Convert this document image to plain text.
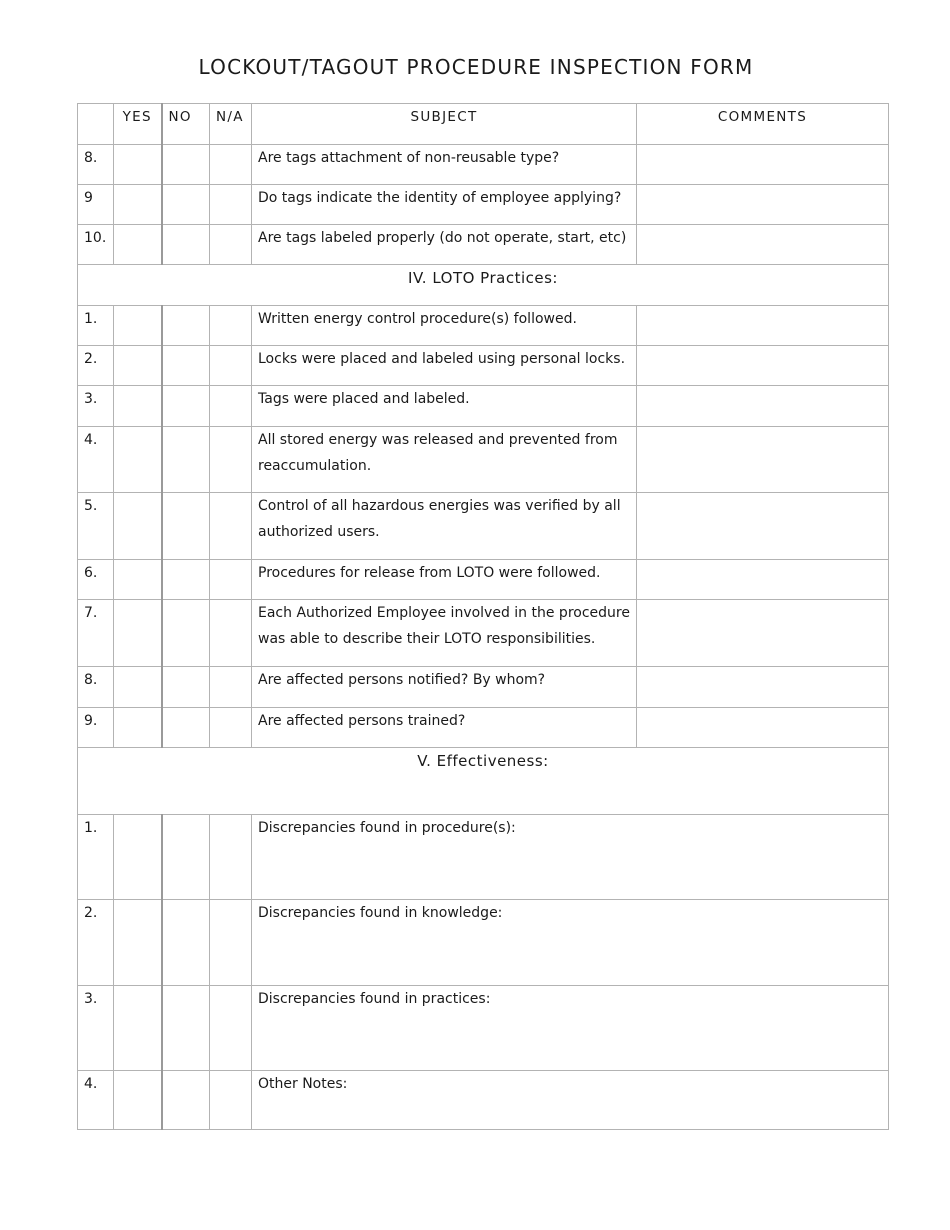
LOCKOUT/TAGOUT PROCEDURE INSPECTION FORM
	YES	NO	N/A	SUBJECT	COMMENTS
8.				Are tags attachment of non-reusable type?	
9				Do tags indicate the identity of employee applying?	
10.				Are tags labeled properly (do not operate, start, etc)	
IV. LOTO Practices:					
1.				Written energy control procedure(s) followed.	
2.				Locks were placed and labeled using personal locks.	
3.				Tags were placed and labeled.	
4.				All stored energy was released and prevented from reaccumulation.	
5.				Control of all hazardous energies was verified by all authorized users.	
6.				Procedures for release from LOTO were followed.	
7.				Each Authorized Employee involved in the procedure was able to describe their LOTO responsibilities.	
8.				Are affected persons notified? By whom?	
9.				Are affected persons trained?	
V. Effectiveness:					
1.				Discrepancies found in procedure(s):	
2.				Discrepancies found in knowledge:	
3.				Discrepancies found in practices:	
4.				Other Notes:	
